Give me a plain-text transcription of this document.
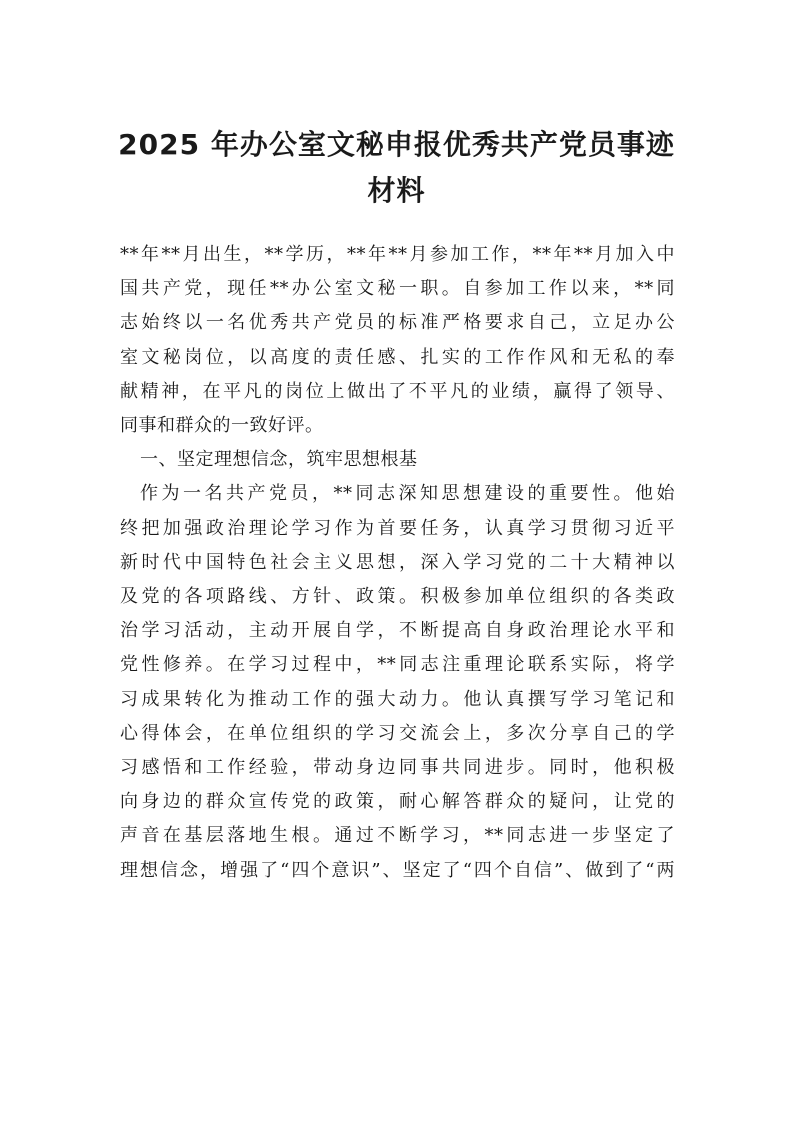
2025 年办公室文秘申报优秀共产党员事迹
材料

**年**月出生，**学历，**年**月参加工作，**年**月加入中
国共产党，现任**办公室文秘一职。自参加工作以来，**同
志始终以一名优秀共产党员的标准严格要求自己，立足办公
室文秘岗位，以高度的责任感、扎实的工作作风和无私的奉
献精神，在平凡的岗位上做出了不平凡的业绩，赢得了领导、
同事和群众的一致好评。

一、坚定理想信念，筑牢思想根基

作为一名共产党员，**同志深知思想建设的重要性。他始

终把加强政治理论学习作为首要任务，认真学习贯彻习近平
新时代中国特色社会主义思想，深入学习党的二十大精神以
及党的各项路线、方针、政策。积极参加单位组织的各类政
治学习活动，主动开展自学，不断提高自身政治理论水平和
党性修养。在学习过程中，**同志注重理论联系实际，将学
习成果转化为推动工作的强大动力。他认真撰写学习笔记和
心得体会，在单位组织的学习交流会上，多次分享自己的学
习感悟和工作经验，带动身边同事共同进步。同时，他积极
向身边的群众宣传党的政策，耐心解答群众的疑问，让党的
声音在基层落地生根。通过不断学习，**同志进一步坚定了
理想信念，增强了“四个意识”、坚定了“四个自信”、做到了“两
